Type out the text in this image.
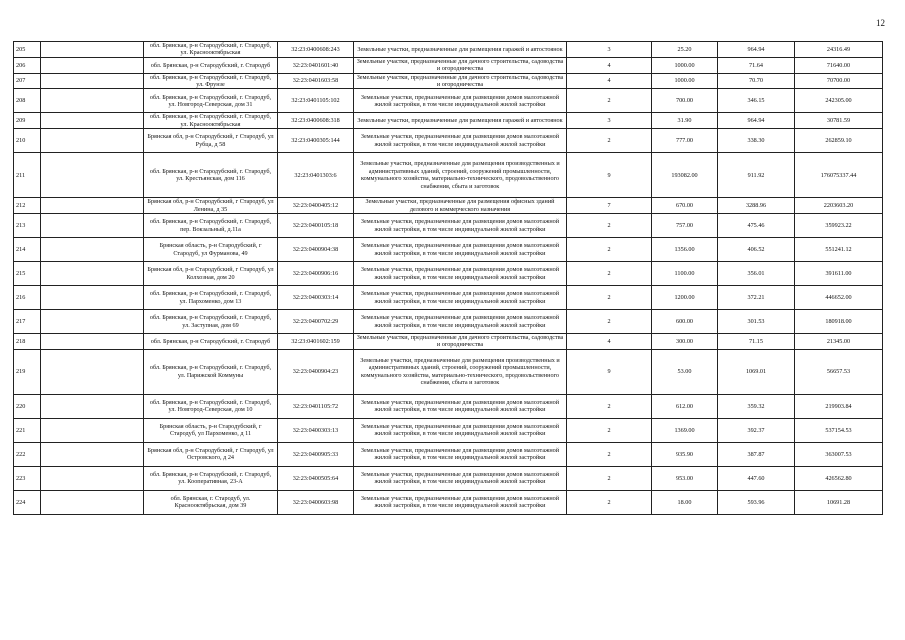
12
205		обл. Брянская, р-н Стародубский, г. Стародуб, ул. Краснооктябрьская	32:23:0400608:243	Земельные участки, предназначенные для размещения гаражей и автостоянок	3	25.20	964.94	24316.49
206		обл. Брянская, р-н Стародубский, г. Стародуб	32:23:0401601:40	Земельные участки, предназначенные для дачного строительства, садоводства и огородничества	4	1000.00	71.64	71640.00
207		обл. Брянская, р-н Стародубский, г. Стародуб, ул. Фрунзе	32:23:0401603:58	Земельные участки, предназначенные для дачного строительства, садоводства и огородничества	4	1000.00	70.70	70700.00
208		обл. Брянская, р-н Стародубский, г. Стародуб, ул. Новгород-Северская, дом 31	32:23:0401105:102	Земельные участки, предназначенные для размещения домов малоэтажной жилой застройки, в том числе индивидуальной жилой застройки	2	700.00	346.15	242305.00
209		обл. Брянская, р-н Стародубский, г. Стародуб, ул. Краснооктябрьская	32:23:0400608:318	Земельные участки, предназначенные для размещения гаражей и автостоянок	3	31.90	964.94	30781.59
210		Брянская обл, р-н Стародубский, г Стародуб, ул Рубца, д 58	32:23:0400305:144	Земельные участки, предназначенные для размещения домов малоэтажной жилой застройки, в том числе индивидуальной жилой застройки	2	777.00	338.30	262859.10
211		обл. Брянская, р-н Стародубский, г. Стародуб, ул. Крестьянская, дом 116	32:23:0401303:6	Земельные участки, предназначенные для размещения производственных и административных зданий, строений, сооружений промышленности, коммунального хозяйства, материально-технического, продовольственного снабжения, сбыта и заготовок	9	193082.00	911.92	176075337.44
212		Брянская обл, р-н Стародубский, г Стародуб, ул Ленина, д 35	32:23:0400405:12	Земельные участки, предназначенные для размещения офисных зданий делового и коммерческого назначения	7	670.00	3288.96	2203603.20
213		обл. Брянская, р-н Стародубский, г. Стародуб, пер. Вокзальный, д.11а	32:23:0400105:18	Земельные участки, предназначенные для размещения домов малоэтажной жилой застройки, в том числе индивидуальной жилой застройки	2	757.00	475.46	359923.22
214		Брянская область, р-н Стародубский, г Стародуб, ул Фурманова, 49	32:23:0400904:38	Земельные участки, предназначенные для размещения домов малоэтажной жилой застройки, в том числе индивидуальной жилой застройки	2	1356.00	406.52	551241.12
215		Брянская обл, р-н Стародубский, г Стародуб, ул Колхозная, дом 20	32:23:0400906:16	Земельные участки, предназначенные для размещения домов малоэтажной жилой застройки, в том числе индивидуальной жилой застройки	2	1100.00	356.01	391611.00
216		обл. Брянская, р-н Стародубский, г. Стародуб, ул. Пархоменко, дом 13	32:23:0400303:14	Земельные участки, предназначенные для размещения домов малоэтажной жилой застройки, в том числе индивидуальной жилой застройки	2	1200.00	372.21	446652.00
217		обл. Брянская, р-н Стародубский, г. Стародуб, ул. Заступная, дом 69	32:23:0400702:29	Земельные участки, предназначенные для размещения домов малоэтажной жилой застройки, в том числе индивидуальной жилой застройки	2	600.00	301.53	180918.00
218		обл. Брянская, р-н Стародубский, г. Стародуб	32:23:0401602:159	Земельные участки, предназначенные для дачного строительства, садоводства и огородничества	4	300.00	71.15	21345.00
219		обл. Брянская, р-н Стародубский, г. Стародуб, ул. Парижской Коммуны	32:23:0400904:23	Земельные участки, предназначенные для размещения производственных и административных зданий, строений, сооружений промышленности, коммунального хозяйства, материально-технического, продовольственного снабжения, сбыта и заготовок	9	53.00	1069.01	56657.53
220		обл. Брянская, р-н Стародубский, г. Стародуб, ул. Новгород-Северская, дом 10	32:23:0401105:72	Земельные участки, предназначенные для размещения домов малоэтажной жилой застройки, в том числе индивидуальной жилой застройки	2	612.00	359.32	219903.84
221		Брянская область, р-н Стародубский, г Стародуб, ул Пархоменко, д 11	32:23:0400303:13	Земельные участки, предназначенные для размещения домов малоэтажной жилой застройки, в том числе индивидуальной жилой застройки	2	1369.00	392.37	537154.53
222		Брянская обл, р-н Стародубский, г Стародуб, ул Островского, д 24	32:23:0400905:33	Земельные участки, предназначенные для размещения домов малоэтажной жилой застройки, в том числе индивидуальной жилой застройки	2	935.90	387.87	363007.53
223		обл. Брянская, р-н Стародубский, г. Стародуб, ул. Кооперативная, 23-А	32:23:0400505:64	Земельные участки, предназначенные для размещения домов малоэтажной жилой застройки, в том числе индивидуальной жилой застройки	2	953.00	447.60	426562.80
224		обл. Брянская, г. Стародуб, ул. Краснооктябрьская, дом 39	32:23:0400603:98	Земельные участки, предназначенные для размещения домов малоэтажной жилой застройки, в том числе индивидуальной жилой застройки	2	18.00	593.96	10691.28
